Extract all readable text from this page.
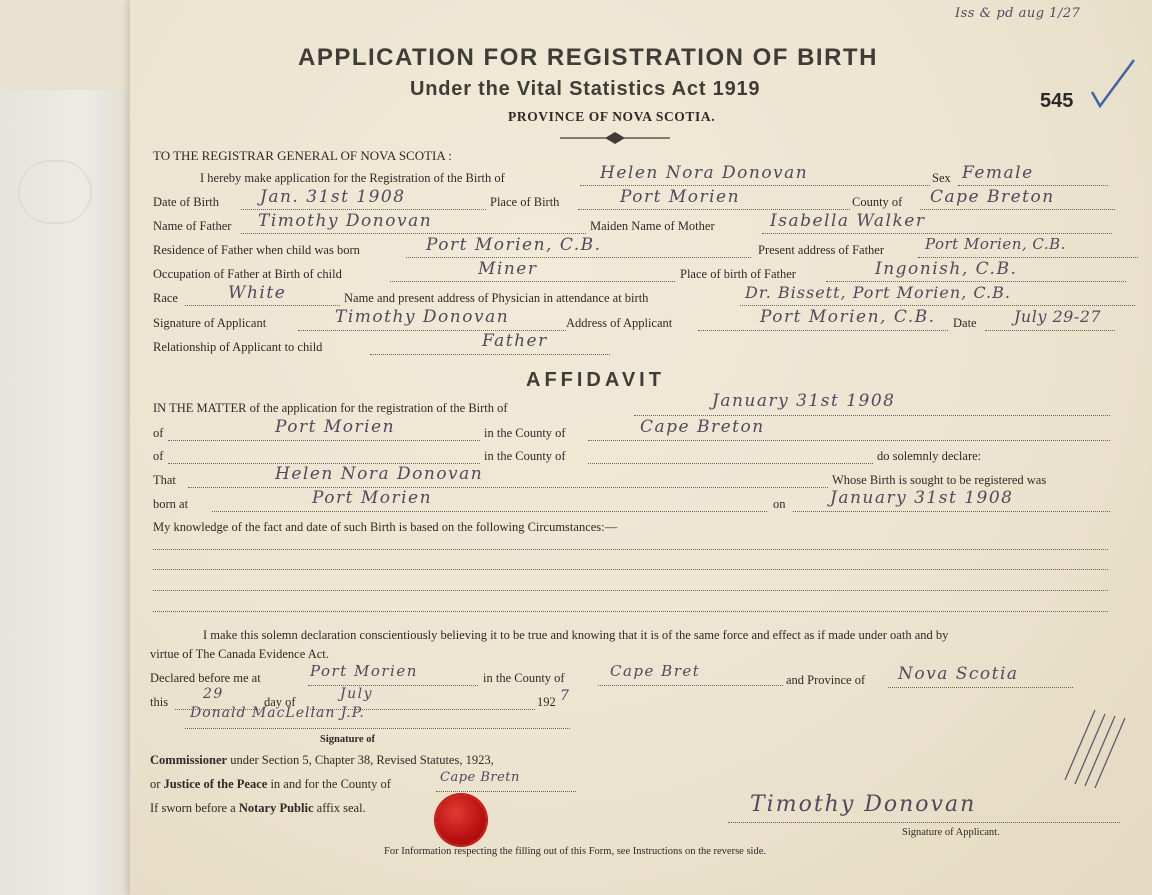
Iss & pd aug 1/27
APPLICATION FOR REGISTRATION OF BIRTH
Under the Vital Statistics Act 1919
PROVINCE OF NOVA SCOTIA.
545
TO THE REGISTRAR GENERAL OF NOVA SCOTIA :
I hereby make application for the Registration of the Birth of	Helen Nora Donovan	Sex Female
Date of Birth Jan. 31st 1908	Place of Birth	Port Morien	County of Cape Breton
Name of Father Timothy Donovan	Maiden Name of Mother	Isabella Walker
Residence of Father when child was born	Port Morien, C.B.	Present address of Father	Port Morien, C.B.
Occupation of Father at Birth of child	Miner	Place of birth of Father	Ingonish, C.B.
Race	White	Name and present address of Physician in attendance at birth	Dr. Bissett, Port Morien, C.B.
Signature of Applicant	Timothy Donovan	Address of Applicant	Port Morien, C.B. Date July 29-27
Relationship of Applicant to child	Father
AFFIDAVIT
IN THE MATTER of the application for the registration of the Birth of	January 31st 1908
of	Port Morien	in the County of	Cape Breton
of	in the County of	do solemnly declare:
That	Helen Nora Donovan	Whose Birth is sought to be registered was
born at	Port Morien	on	January 31st 1908
My knowledge of the fact and date of such Birth is based on the following Circumstances:—
I make this solemn declaration conscientiously believing it to be true and knowing that it is of the same force and effect as if made under oath and by
virtue of The Canada Evidence Act.
Declared before me at	Port Morien	in the County of	Cape Bret	and Province of Nova Scotia
this 29	day of	July	192 7
Donald MacLellan J.P.
Signature of
Commissioner under Section 5, Chapter 38, Revised Statutes, 1923,
or Justice of the Peace in and for the County of	Cape Bretn
If sworn before a Notary Public affix seal.	Timothy Donovan
Signature of Applicant.
For Information respecting the filling out of this Form, see Instructions on the reverse side.
